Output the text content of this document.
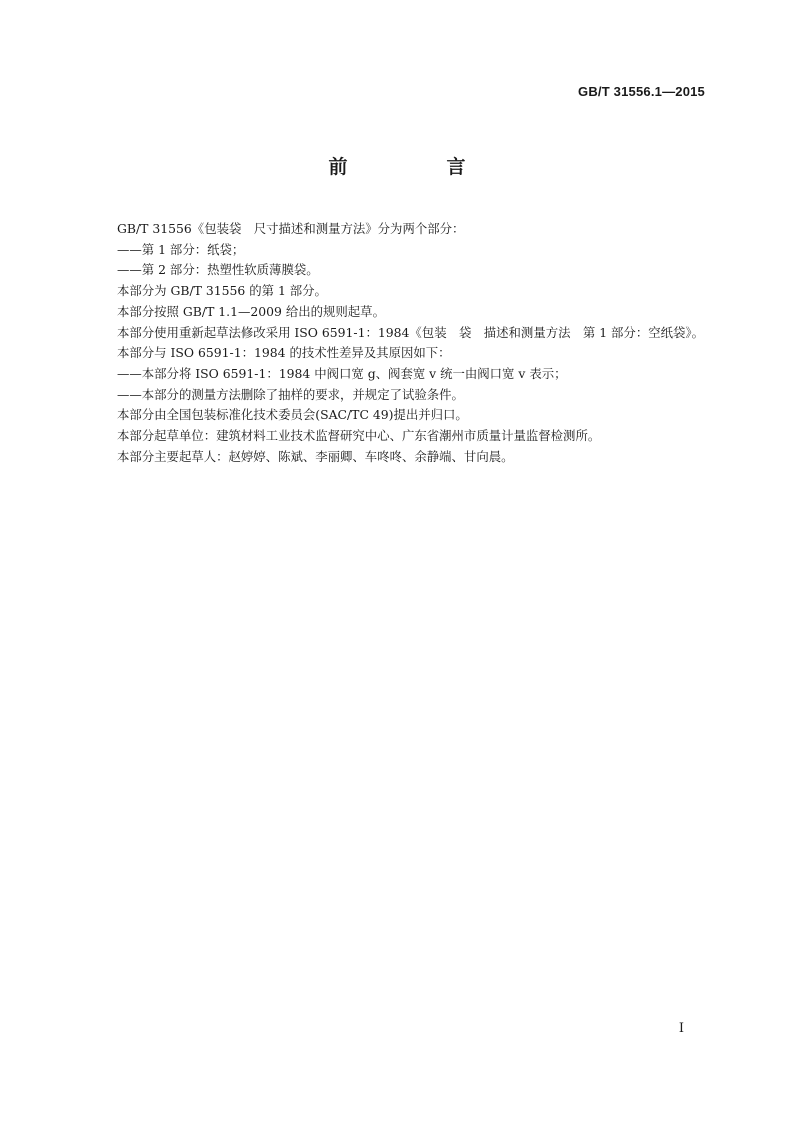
GB/T 31556.1—2015
前　言

GB/T 31556《包装袋　尺寸描述和测量方法》分为两个部分：

——第 1 部分：纸袋；

——第 2 部分：热塑性软质薄膜袋。

本部分为 GB/T 31556 的第 1 部分。

本部分按照 GB/T 1.1—2009 给出的规则起草。

本部分使用重新起草法修改采用 ISO 6591-1：1984《包装　袋　描述和测量方法　第 1 部分：空纸袋》。

本部分与 ISO 6591-1：1984 的技术性差异及其原因如下：

——本部分将 ISO 6591-1：1984 中阀口宽 g、阀套宽 v 统一由阀口宽 v 表示；

——本部分的测量方法删除了抽样的要求，并规定了试验条件。

本部分由全国包装标准化技术委员会(SAC/TC 49)提出并归口。

本部分起草单位：建筑材料工业技术监督研究中心、广东省潮州市质量计量监督检测所。

本部分主要起草人：赵婷婷、陈斌、李丽卿、车咚咚、余静端、甘向晨。

I
